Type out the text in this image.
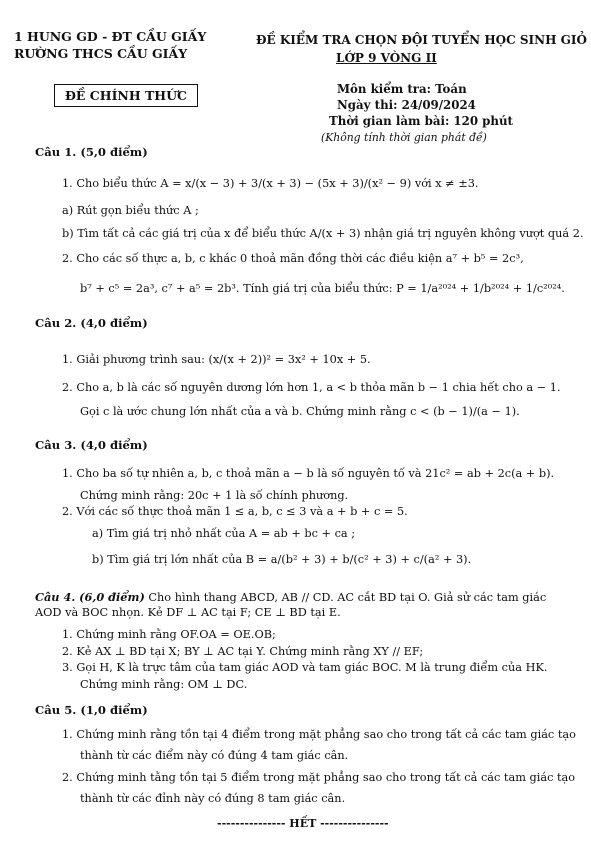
1 HUNG GD - ĐT CẦU GIẤY
RƯỜNG THCS CẦU GIẤY
ĐỀ KIỂM TRA CHỌN ĐỘI TUYỂN HỌC SINH GIỎ
LỚP 9 VÒNG II
ĐỀ CHÍNH THỨC	Môn kiểm tra: Toán
Ngày thi: 24/09/2024
Thời gian làm bài: 120 phút
(Không tính thời gian phát đề)
Câu 1. (5,0 điểm)
1. Cho biểu thức A = x/(x − 3) + 3/(x + 3) − (5x + 3)/(x² − 9) với x ≠ ±3.
a) Rút gọn biểu thức A ;
b) Tìm tất cả các giá trị của x để biểu thức A/(x + 3) nhận giá trị nguyên không vượt quá 2.
2. Cho các số thực a, b, c khác 0 thoả mãn đồng thời các điều kiện a⁷ + b⁵ = 2c³,
b⁷ + c⁵ = 2a³, c⁷ + a⁵ = 2b³. Tính giá trị của biểu thức: P = 1/a²⁰²⁴ + 1/b²⁰²⁴ + 1/c²⁰²⁴.
Câu 2. (4,0 điểm)
1. Giải phương trình sau: (x/(x + 2))² = 3x² + 10x + 5.
2. Cho a, b là các số nguyên dương lớn hơn 1, a < b thỏa mãn b − 1 chia hết cho a − 1.
Gọi c là ước chung lớn nhất của a và b. Chứng minh rằng c < (b − 1)/(a − 1).
Câu 3. (4,0 điểm)
1. Cho ba số tự nhiên a, b, c thoả mãn a − b là số nguyên tố và 21c² = ab + 2c(a + b).
Chứng minh rằng: 20c + 1 là số chính phương.
2. Với các số thực thoả mãn 1 ≤ a, b, c ≤ 3 và a + b + c = 5.
a) Tìm giá trị nhỏ nhất của A = ab + bc + ca ;
b) Tìm giá trị lớn nhất của B = a/(b² + 3) + b/(c² + 3) + c/(a² + 3).
Câu 4. (6,0 điểm) Cho hình thang ABCD, AB // CD. AC cắt BD tại O. Giả sử các tam giác
AOD và BOC nhọn. Kẻ DF ⊥ AC tại F; CE ⊥ BD tại E.
1. Chứng minh rằng OF.OA = OE.OB;
2. Kẻ AX ⊥ BD tại X; BY ⊥ AC tại Y. Chứng minh rằng XY // EF;
3. Gọi H, K là trực tâm của tam giác AOD và tam giác BOC. M là trung điểm của HK.
Chứng minh rằng: OM ⊥ DC.
Câu 5. (1,0 điểm)
1. Chứng minh rằng tồn tại 4 điểm trong mặt phẳng sao cho trong tất cả các tam giác tạo
thành từ các điểm này có đúng 4 tam giác cân.
2. Chứng minh tằng tồn tại 5 điểm trong mặt phẳng sao cho trong tất cả các tam giác tạo
thành từ các đỉnh này có đúng 8 tam giác cân.
--------------- HẾT ---------------
